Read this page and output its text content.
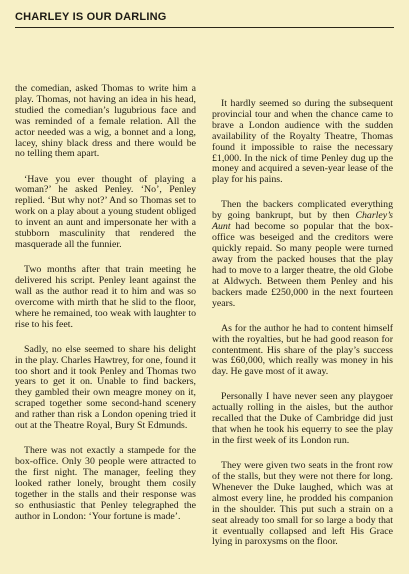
CHARLEY IS OUR DARLING

the comedian, asked Thomas to write him a play. Thomas, not having an idea in his head, studied the comedian’s lugubrious face and was reminded of a female relation. All the actor needed was a wig, a bonnet and a long, lacey, shiny black dress and there would be no telling them apart.

‘Have you ever thought of playing a woman?’ he asked Penley. ‘No’, Penley replied. ‘But why not?’ And so Thomas set to work on a play about a young student obliged to invent an aunt and impersonate her with a stubborn masculinity that rendered the masquerade all the funnier.

Two months after that train meeting he delivered his script. Penley leant against the wall as the author read it to him and was so overcome with mirth that he slid to the floor, where he remained, too weak with laughter to rise to his feet.

Sadly, no else seemed to share his delight in the play. Charles Hawtrey, for one, found it too short and it took Penley and Thomas two years to get it on. Unable to find backers, they gambled their own meagre money on it, scraped together some second-hand scenery and rather than risk a London opening tried it out at the Theatre Royal, Bury St Edmunds.

There was not exactly a stampede for the box-office. Only 30 people were attracted to the first night. The manager, feeling they looked rather lonely, brought them cosily together in the stalls and their response was so enthusiastic that Penley telegraphed the author in London: ‘Your fortune is made’.

It hardly seemed so during the subsequent provincial tour and when the chance came to brave a London audience with the sudden availability of the Royalty Theatre, Thomas found it impossible to raise the necessary £1,000. In the nick of time Penley dug up the money and acquired a seven-year lease of the play for his pains.

Then the backers complicated everything by going bankrupt, but by then Charley’s Aunt had become so popular that the box-office was beseiged and the creditors were quickly repaid. So many people were turned away from the packed houses that the play had to move to a larger theatre, the old Globe at Aldwych. Between them Penley and his backers made £250,000 in the next fourteen years.

As for the author he had to content himself with the royalties, but he had good reason for contentment. His share of the play’s success was £60,000, which really was money in his day. He gave most of it away.

Personally I have never seen any playgoer actually rolling in the aisles, but the author recalled that the Duke of Cambridge did just that when he took his equerry to see the play in the first week of its London run.

They were given two seats in the front row of the stalls, but they were not there for long. Whenever the Duke laughed, which was at almost every line, he prodded his companion in the shoulder. This put such a strain on a seat already too small for so large a body that it eventually collapsed and left His Grace lying in paroxysms on the floor.
